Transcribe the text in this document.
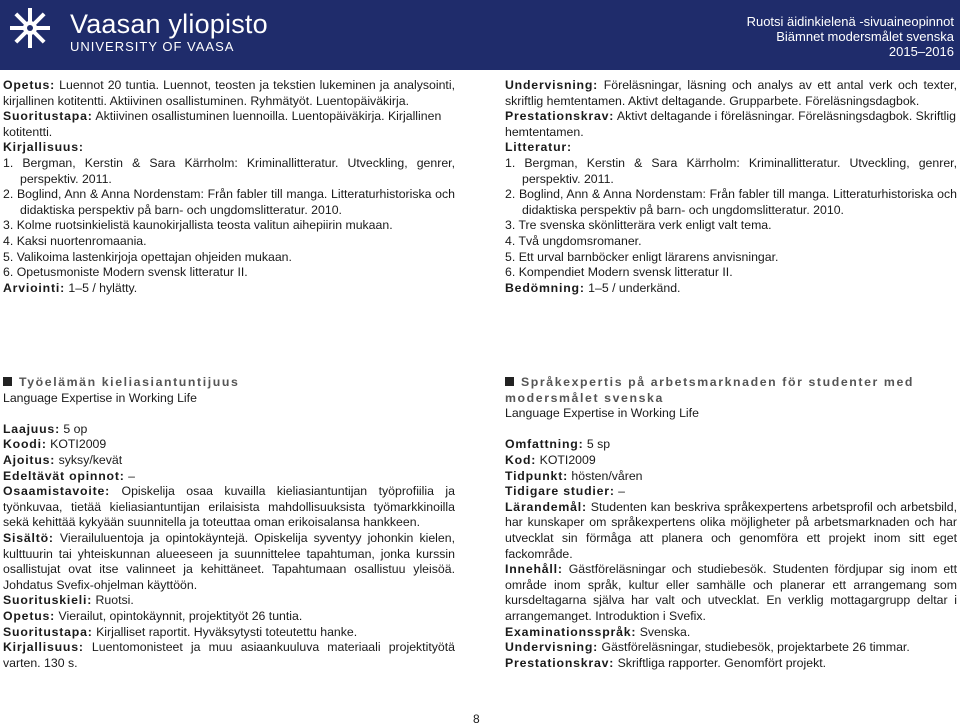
Vaasan yliopisto
UNIVERSITY OF VAASA
Ruotsi äidinkielenä -sivuaineopinnot
Biämnet modersmålet svenska
2015–2016

Opetus: Luennot 20 tuntia. Luennot, teosten ja tekstien lukeminen ja analysointi, kirjallinen kotitentti. Aktiivinen osallistuminen. Ryhmätyöt. Luentopäiväkirja.

Suoritustapa: Aktiivinen osallistuminen luennoilla. Luentopäiväkirja. Kirjallinen kotitentti.

Kirjallisuus:

1. Bergman, Kerstin & Sara Kärrholm: Kriminallitteratur. Utveckling, genrer, perspektiv. 2011.
2. Boglind, Ann & Anna Nordenstam: Från fabler till manga. Litteraturhistoriska och didaktiska perspektiv på barn- och ungdomslitteratur. 2010.
3. Kolme ruotsinkielistä kaunokirjallista teosta valitun aihepiirin mukaan.
4. Kaksi nuortenromaania.
5. Valikoima lastenkirjoja opettajan ohjeiden mukaan.
6. Opetusmoniste Modern svensk litteratur II.

Arviointi: 1–5 / hylätty.

Undervisning: Föreläsningar, läsning och analys av ett antal verk och texter, skriftlig hemtentamen. Aktivt deltagande. Grupparbete. Föreläsningsdagbok.

Prestationskrav: Aktivt deltagande i föreläsningar. Föreläsningsdagbok. Skriftlig hemtentamen.

Litteratur:

1. Bergman, Kerstin & Sara Kärrholm: Kriminallitteratur. Utveckling, genrer, perspektiv. 2011.
2. Boglind, Ann & Anna Nordenstam: Från fabler till manga. Litteraturhistoriska och didaktiska perspektiv på barn- och ungdomslitteratur. 2010.
3. Tre svenska skönlitterära verk enligt valt tema.
4. Två ungdomsromaner.
5. Ett urval barnböcker enligt lärarens anvisningar.
6. Kompendiet Modern svensk litteratur II.

Bedömning: 1–5 / underkänd.

Työelämän kieliasiantuntijuus

Language Expertise in Working Life

Laajuus: 5 op

Koodi: KOTI2009

Ajoitus: syksy/kevät

Edeltävät opinnot: –

Osaamistavoite: Opiskelija osaa kuvailla kieliasiantuntijan työprofiilia ja työnkuvaa, tietää kieliasiantuntijan erilaisista mahdollisuuksista työmarkkinoilla sekä kehittää kykyään suunnitella ja toteuttaa oman erikoisalansa hankkeen.

Sisältö: Vierailuluentoja ja opintokäyntejä. Opiskelija syventyy johonkin kielen, kulttuurin tai yhteiskunnan alueeseen ja suunnittelee tapahtuman, jonka kurssin osallistujat ovat itse valinneet ja kehittäneet. Tapahtumaan osallistuu yleisöä. Johdatus Svefix-ohjelman käyttöön.

Suorituskieli: Ruotsi.

Opetus: Vierailut, opintokäynnit, projektityöt 26 tuntia.

Suoritustapa: Kirjalliset raportit. Hyväksytysti toteutettu hanke.

Kirjallisuus: Luentomonisteet ja muu asiaankuuluva materiaali projektityötä varten. 130 s.

Språkexpertis på arbetsmarknaden för studenter med modersmålet svenska

Language Expertise in Working Life

Omfattning: 5 sp

Kod: KOTI2009

Tidpunkt: hösten/våren

Tidigare studier: –

Lärandemål: Studenten kan beskriva språkexpertens arbetsprofil och arbetsbild, har kunskaper om språkexpertens olika möjligheter på arbetsmarknaden och har utvecklat sin förmåga att planera och genomföra ett projekt inom sitt eget fackområde.

Innehåll: Gästföreläsningar och studiebesök. Studenten fördjupar sig inom ett område inom språk, kultur eller samhälle och planerar ett arrangemang som kursdeltagarna själva har valt och utvecklat. En verklig mottagargrupp deltar i arrangemanget. Introduktion i Svefix.

Examinationsspråk: Svenska.

Undervisning: Gästföreläsningar, studiebesök, projektarbete 26 timmar.

Prestationskrav: Skriftliga rapporter. Genomfört projekt.

8
